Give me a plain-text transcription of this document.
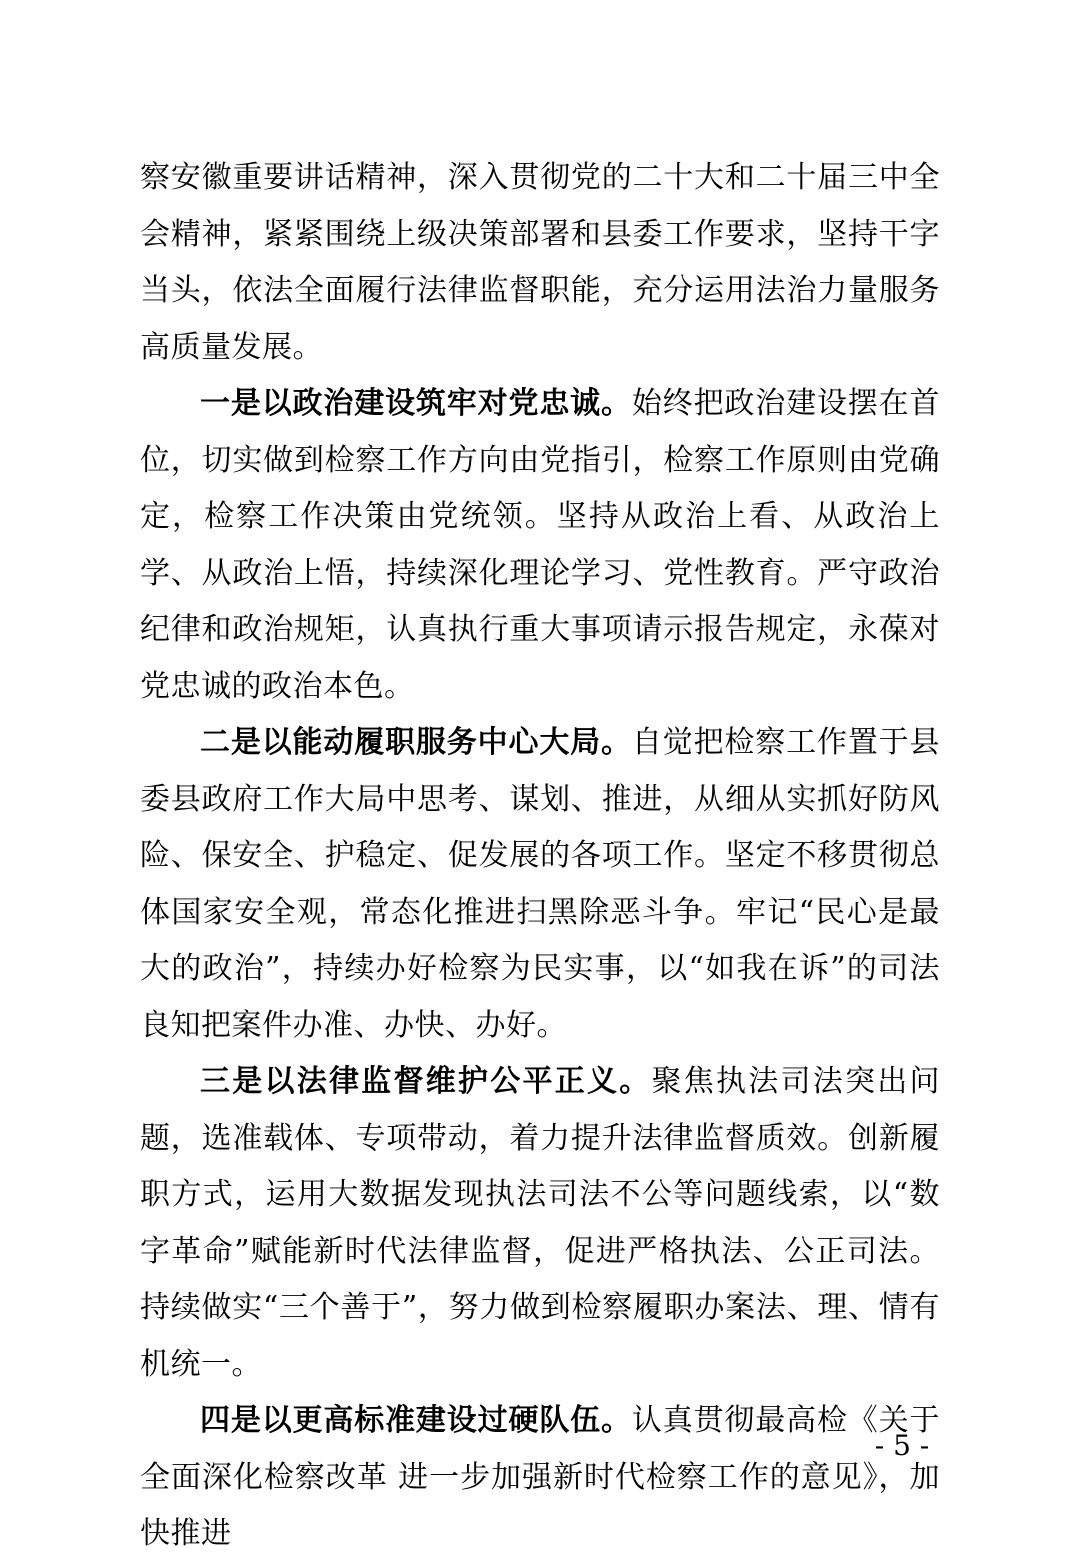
察安徽重要讲话精神，深入贯彻党的二十大和二十届三中全会精神，紧紧围绕上级决策部署和县委工作要求，坚持干字当头，依法全面履行法律监督职能，充分运用法治力量服务高质量发展。

一是以政治建设筑牢对党忠诚。始终把政治建设摆在首位，切实做到检察工作方向由党指引，检察工作原则由党确定，检察工作决策由党统领。坚持从政治上看、从政治上学、从政治上悟，持续深化理论学习、党性教育。严守政治纪律和政治规矩，认真执行重大事项请示报告规定，永葆对党忠诚的政治本色。

二是以能动履职服务中心大局。自觉把检察工作置于县委县政府工作大局中思考、谋划、推进，从细从实抓好防风险、保安全、护稳定、促发展的各项工作。坚定不移贯彻总体国家安全观，常态化推进扫黑除恶斗争。牢记“民心是最大的政治”，持续办好检察为民实事，以“如我在诉”的司法良知把案件办准、办快、办好。

三是以法律监督维护公平正义。聚焦执法司法突出问题，选准载体、专项带动，着力提升法律监督质效。创新履职方式，运用大数据发现执法司法不公等问题线索，以“数字革命”赋能新时代法律监督，促进严格执法、公正司法。持续做实“三个善于”，努力做到检察履职办案法、理、情有机统一。

四是以更高标准建设过硬队伍。认真贯彻最高检《关于全面深化检察改革 进一步加强新时代检察工作的意见》，加快推进

- 5 -
